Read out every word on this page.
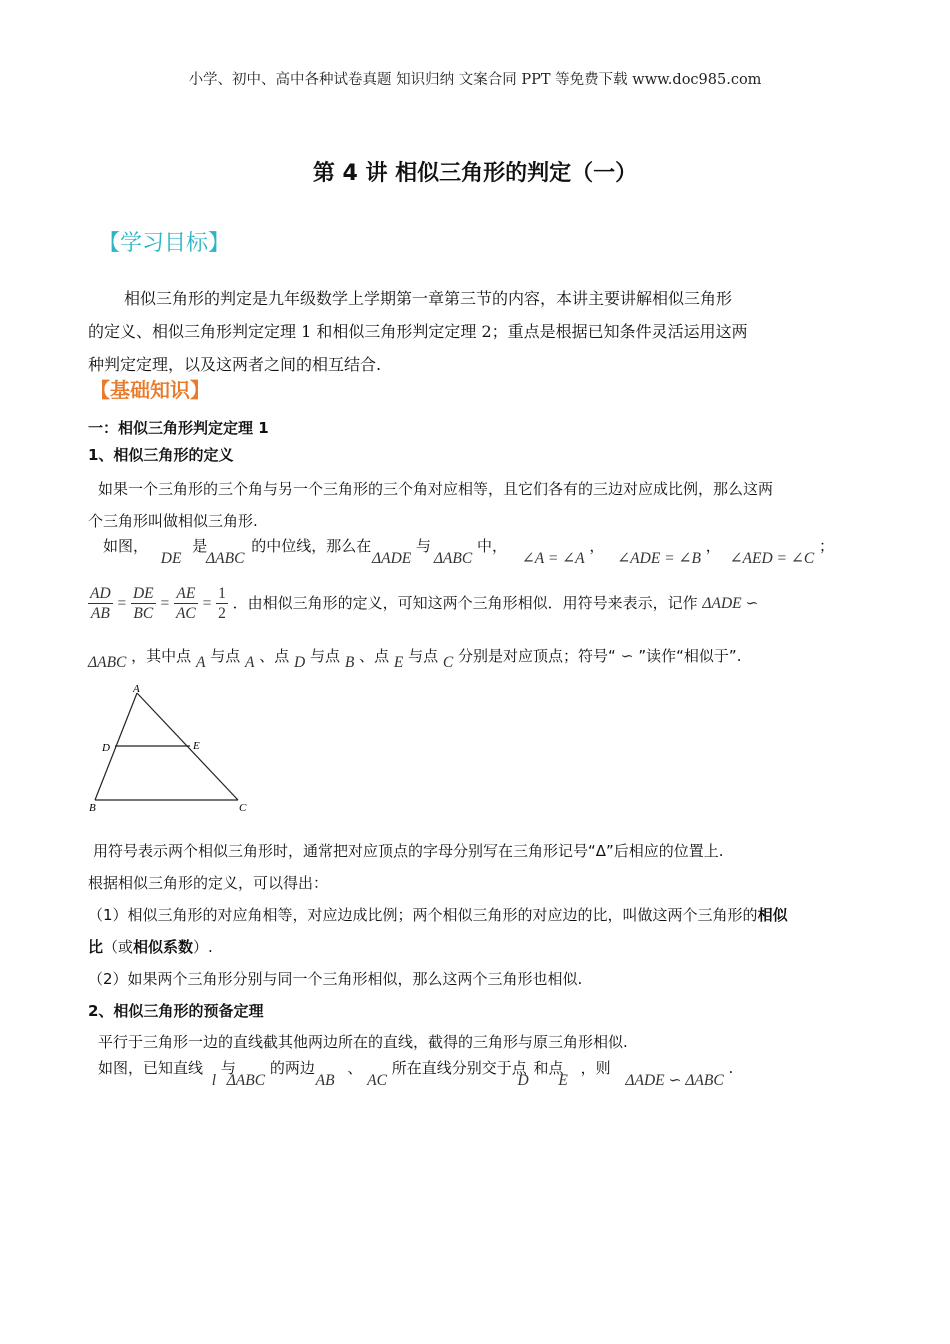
小学、初中、高中各种试卷真题 知识归纳 文案合同 PPT 等免费下载 www.doc985.com
第 4 讲 相似三角形的判定（一）
【学习目标】
相似三角形的判定是九年级数学上学期第一章第三节的内容，本讲主要讲解相似三角形
的定义、相似三角形判定定理 1 和相似三角形判定定理 2；重点是根据已知条件灵活运用这两
种判定定理，以及这两者之间的相互结合.
【基础知识】
一：相似三角形判定定理 1
1、相似三角形的定义
如果一个三角形的三个角与另一个三角形的三个角对应相等，且它们各有的三边对应成比例，那么这两
个三角形叫做相似三角形.
如图， DE 是 ΔABC 的中位线，那么在 ΔADE 与 ΔABC 中， ∠A = ∠A ， ∠ADE = ∠B ， ∠AED = ∠C ；
$\frac{AD}{AB} = \frac{DE}{BC} = \frac{AE}{AC} = \frac{1}{2}$ ．由相似三角形的定义，可知这两个三角形相似．用符号来表示，记作 ΔADE ∽
ΔABC ，其中点 A 与点 A 、点 D 与点 B 、点 E 与点 C 分别是对应顶点；符号“ ∽ ”读作“相似于”.
A
D	E
B	C
用符号表示两个相似三角形时，通常把对应顶点的字母分别写在三角形记号“Δ”后相应的位置上.
根据相似三角形的定义，可以得出：
（1）相似三角形的对应角相等，对应边成比例；两个相似三角形的对应边的比，叫做这两个三角形的相似
比（或相似系数）.
（2）如果两个三角形分别与同一个三角形相似，那么这两个三角形也相似.
2、相似三角形的预备定理
平行于三角形一边的直线截其他两边所在的直线，截得的三角形与原三角形相似.
如图，已知直线 l 与 ΔABC 的两边 AB 、 AC 所在直线分别交于点 D 和点 E ，则 ΔADE ∽ ΔABC .
